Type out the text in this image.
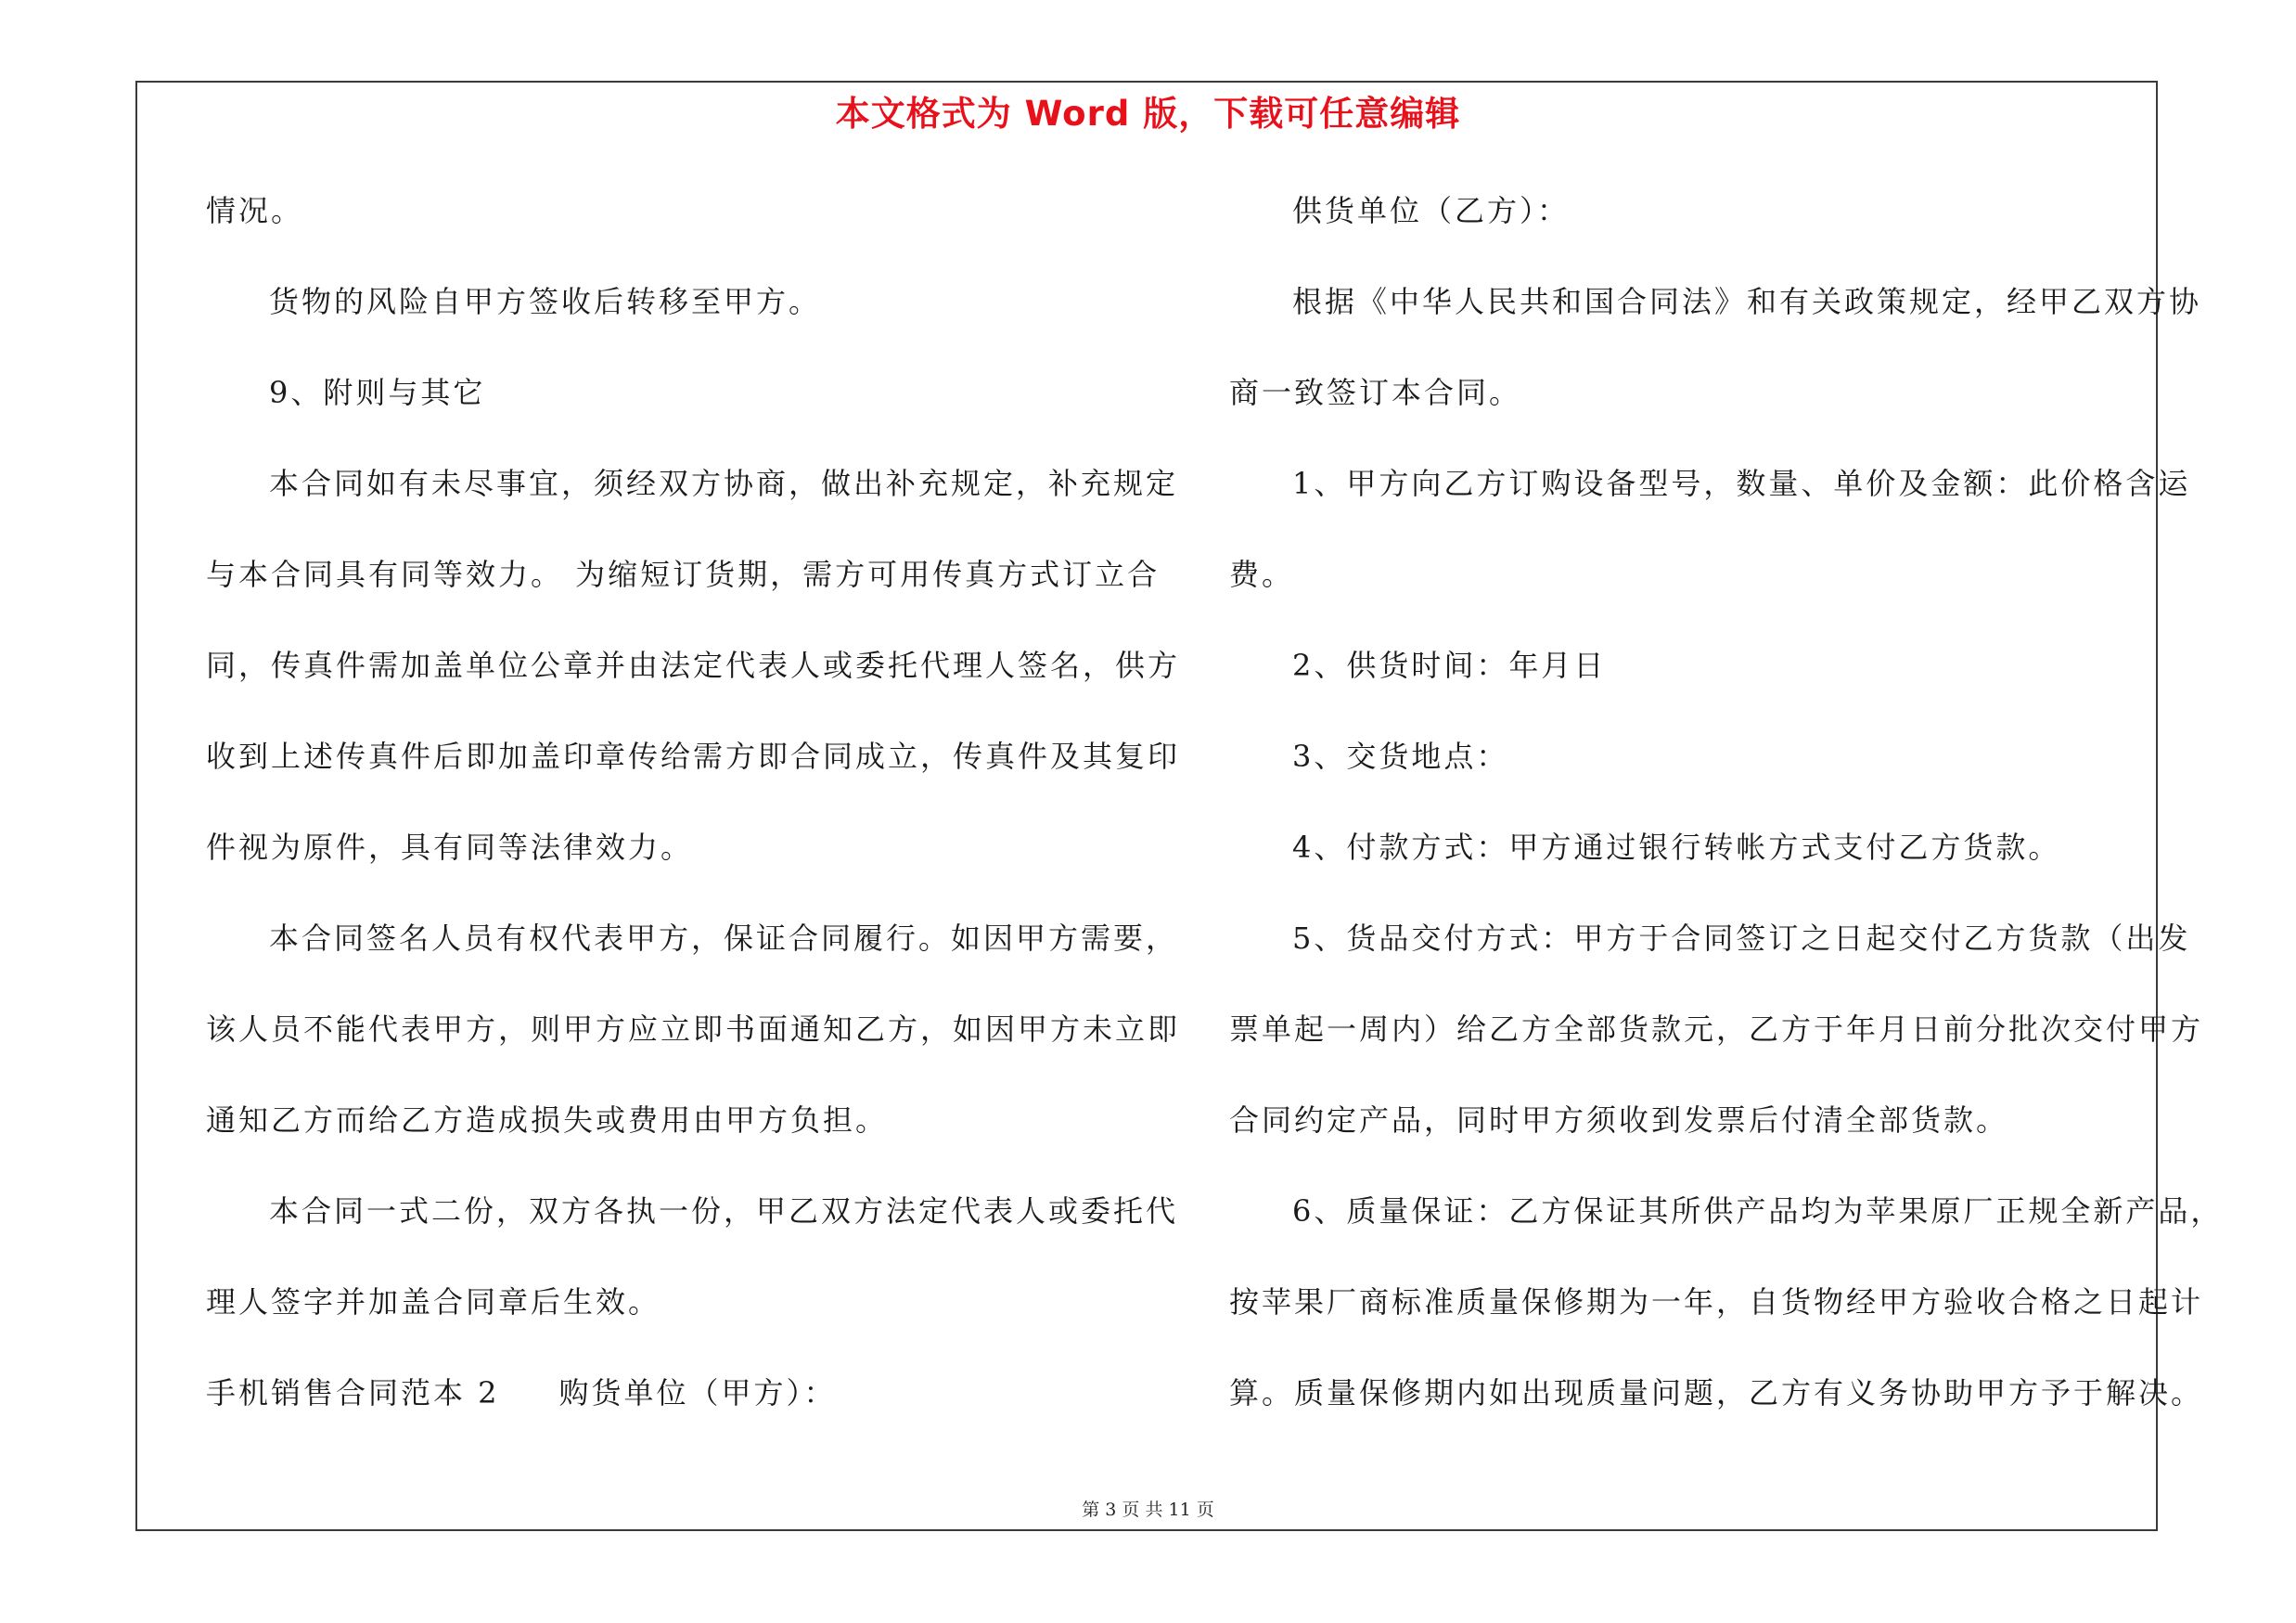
本文格式为 Word 版，下载可任意编辑
情况。
货物的风险自甲方签收后转移至甲方。
9、附则与其它
本合同如有未尽事宜，须经双方协商，做出补充规定，补充规定
与本合同具有同等效力。 为缩短订货期，需方可用传真方式订立合
同，传真件需加盖单位公章并由法定代表人或委托代理人签名，供方
收到上述传真件后即加盖印章传给需方即合同成立，传真件及其复印
件视为原件，具有同等法律效力。
本合同签名人员有权代表甲方，保证合同履行。如因甲方需要，
该人员不能代表甲方，则甲方应立即书面通知乙方，如因甲方未立即
通知乙方而给乙方造成损失或费用由甲方负担。
本合同一式二份，双方各执一份，甲乙双方法定代表人或委托代
理人签字并加盖合同章后生效。
手机销售合同范本 2 购货单位（甲方）：
供货单位（乙方）：
根据《中华人民共和国合同法》和有关政策规定，经甲乙双方协
商一致签订本合同。
1、甲方向乙方订购设备型号，数量、单价及金额：此价格含运
费。
2、供货时间：年月日
3、交货地点：
4、付款方式：甲方通过银行转帐方式支付乙方货款。
5、货品交付方式：甲方于合同签订之日起交付乙方货款（出发
票单起一周内）给乙方全部货款元，乙方于年月日前分批次交付甲方
合同约定产品，同时甲方须收到发票后付清全部货款。
6、质量保证：乙方保证其所供产品均为苹果原厂正规全新产品，
按苹果厂商标准质量保修期为一年，自货物经甲方验收合格之日起计
算。质量保修期内如出现质量问题，乙方有义务协助甲方予于解决。
第 3 页 共 11 页
